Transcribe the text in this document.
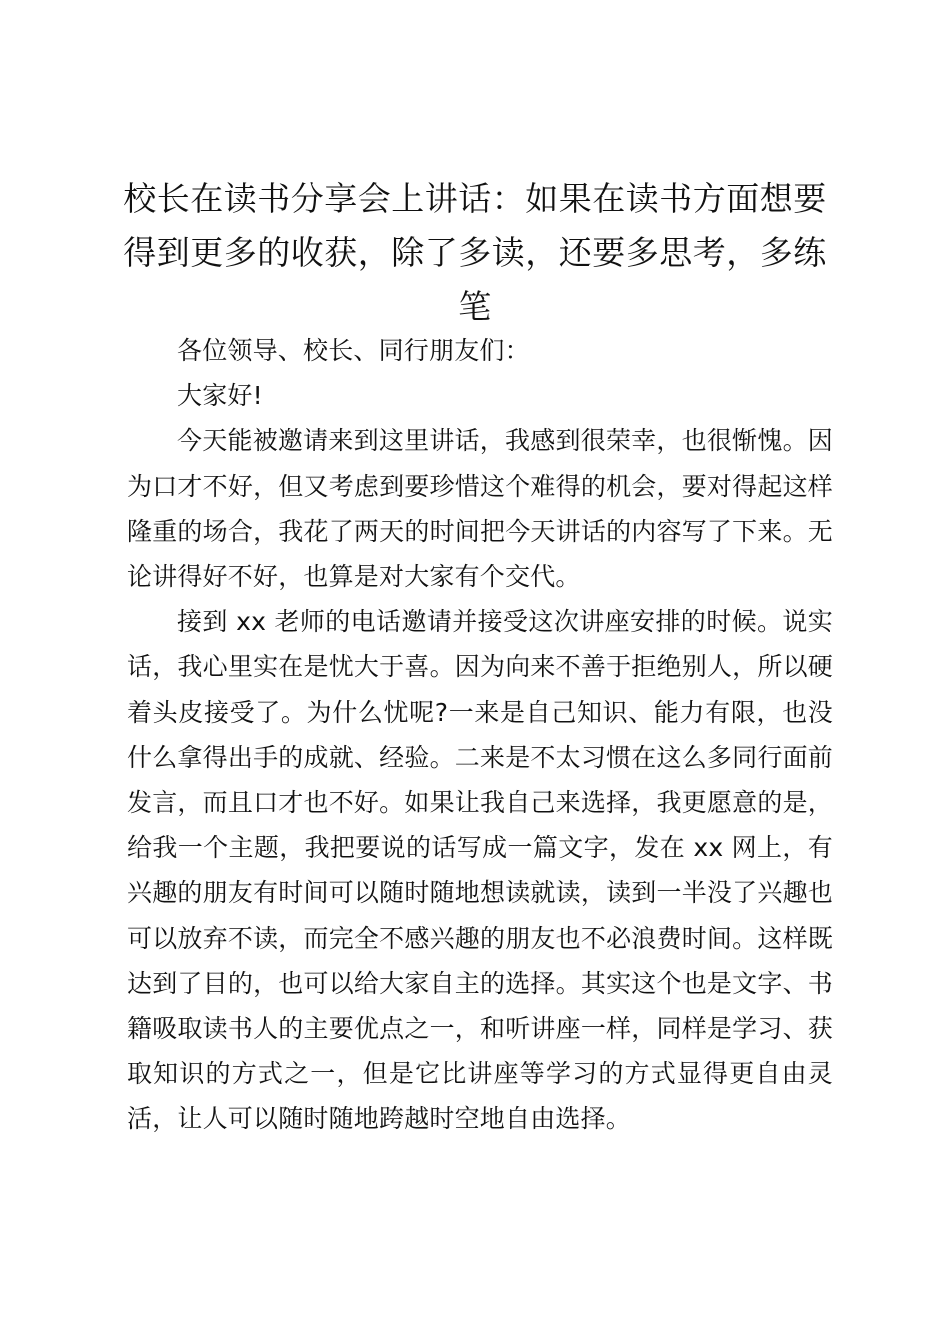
校长在读书分享会上讲话：如果在读书方面想要得到更多的收获，除了多读，还要多思考，多练笔

各位领导、校长、同行朋友们：

大家好!

今天能被邀请来到这里讲话，我感到很荣幸，也很惭愧。因为口才不好，但又考虑到要珍惜这个难得的机会，要对得起这样隆重的场合，我花了两天的时间把今天讲话的内容写了下来。无论讲得好不好，也算是对大家有个交代。

接到 xx 老师的电话邀请并接受这次讲座安排的时候。说实话，我心里实在是忧大于喜。因为向来不善于拒绝别人，所以硬着头皮接受了。为什么忧呢?一来是自己知识、能力有限，也没什么拿得出手的成就、经验。二来是不太习惯在这么多同行面前发言，而且口才也不好。如果让我自己来选择，我更愿意的是，给我一个主题，我把要说的话写成一篇文字，发在 xx 网上，有兴趣的朋友有时间可以随时随地想读就读，读到一半没了兴趣也可以放弃不读，而完全不感兴趣的朋友也不必浪费时间。这样既达到了目的，也可以给大家自主的选择。其实这个也是文字、书籍吸取读书人的主要优点之一，和听讲座一样，同样是学习、获取知识的方式之一，但是它比讲座等学习的方式显得更自由灵活，让人可以随时随地跨越时空地自由选择。
